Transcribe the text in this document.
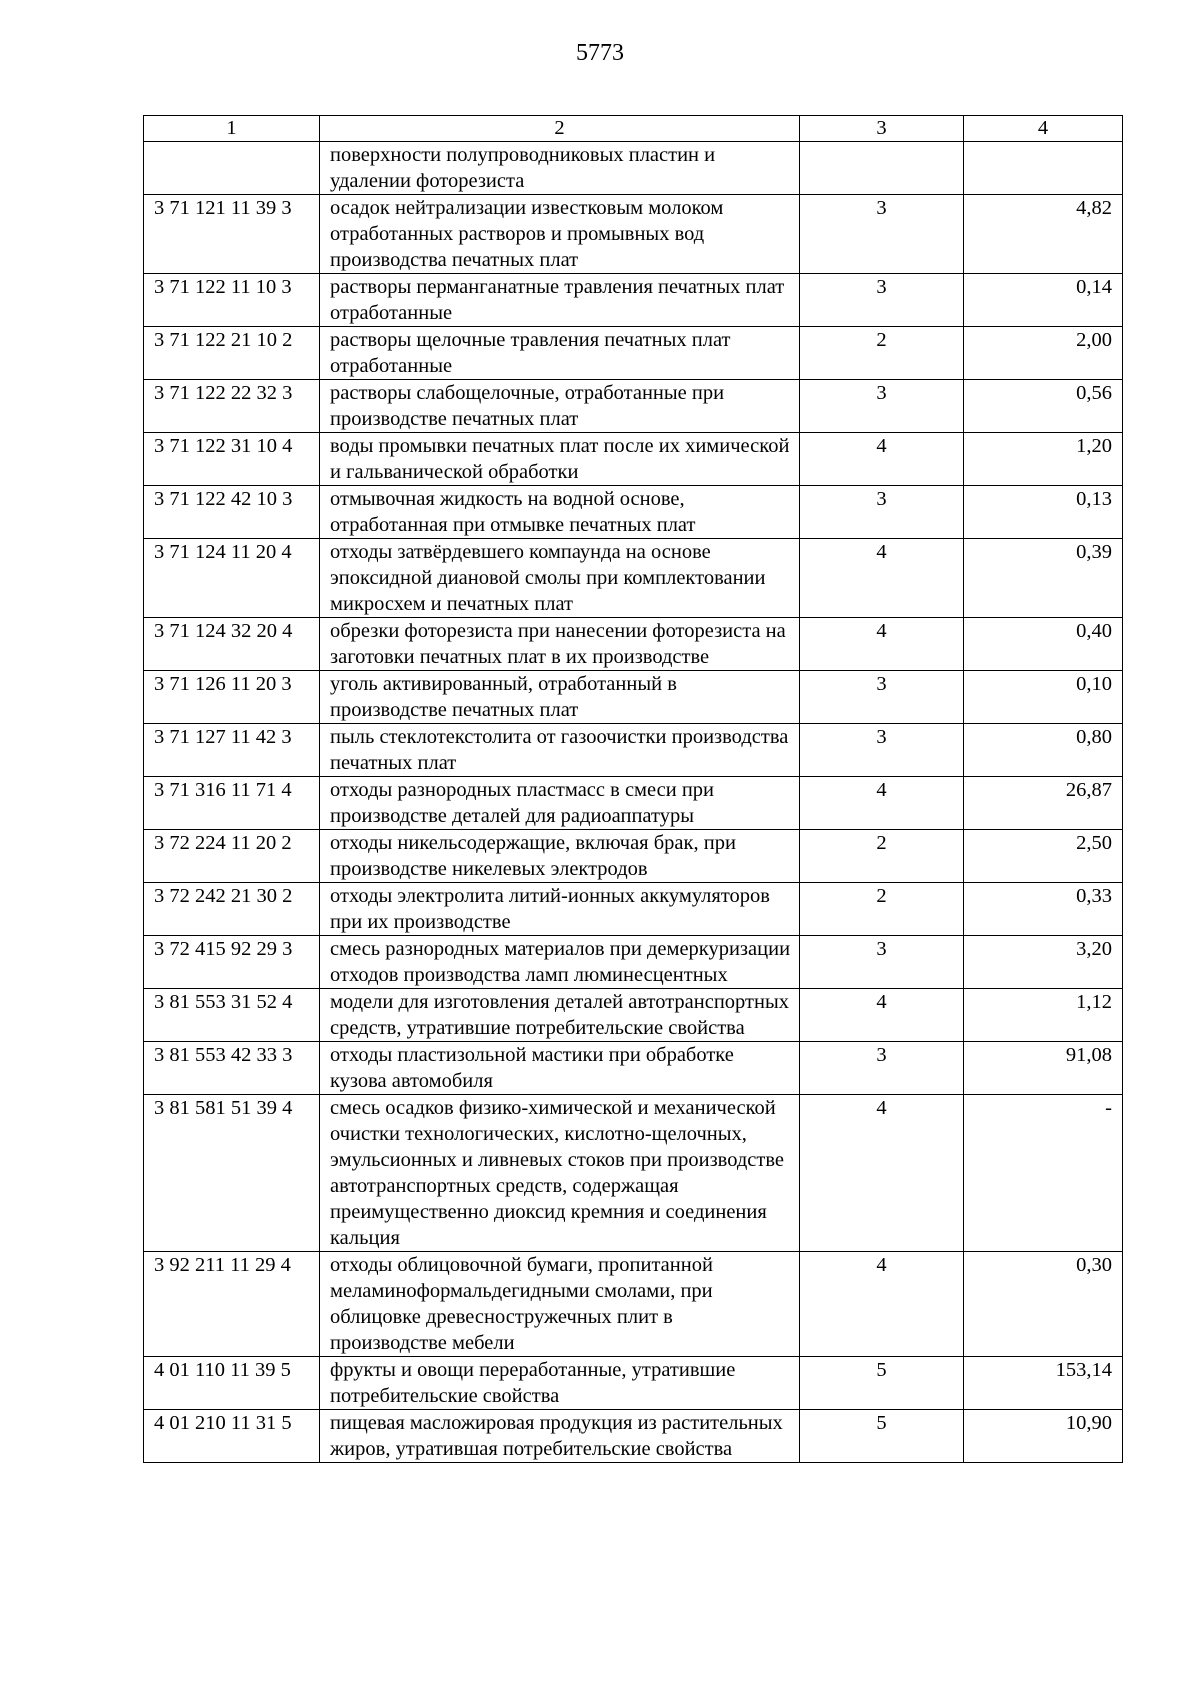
5773
1	2	3	4
	поверхности полупроводниковых пластин и удалении фоторезиста		
3 71 121 11 39 3	осадок нейтрализации известковым молоком отработанных растворов и промывных вод производства печатных плат	3	4,82
3 71 122 11 10 3	растворы перманганатные травления печатных плат отработанные	3	0,14
3 71 122 21 10 2	растворы щелочные травления печатных плат отработанные	2	2,00
3 71 122 22 32 3	растворы слабощелочные, отработанные при производстве печатных плат	3	0,56
3 71 122 31 10 4	воды промывки печатных плат после их химической и гальванической обработки	4	1,20
3 71 122 42 10 3	отмывочная жидкость на водной основе, отработанная при отмывке печатных плат	3	0,13
3 71 124 11 20 4	отходы затвёрдевшего компаунда на основе эпоксидной диановой смолы при комплектовании микросхем и печатных плат	4	0,39
3 71 124 32 20 4	обрезки фоторезиста при нанесении фоторезиста на заготовки печатных плат в их производстве	4	0,40
3 71 126 11 20 3	уголь активированный, отработанный в производстве печатных плат	3	0,10
3 71 127 11 42 3	пыль стеклотекстолита от газоочистки производства печатных плат	3	0,80
3 71 316 11 71 4	отходы разнородных пластмасс в смеси при производстве деталей для радиоаппатуры	4	26,87
3 72 224 11 20 2	отходы никельсодержащие, включая брак, при производстве никелевых электродов	2	2,50
3 72 242 21 30 2	отходы электролита литий-ионных аккумуляторов при их производстве	2	0,33
3 72 415 92 29 3	смесь разнородных материалов при демеркуризации отходов производства ламп люминесцентных	3	3,20
3 81 553 31 52 4	модели для изготовления деталей автотранспортных средств, утратившие потребительские свойства	4	1,12
3 81 553 42 33 3	отходы пластизольной мастики при обработке кузова автомобиля	3	91,08
3 81 581 51 39 4	смесь осадков физико-химической и механической очистки технологических, кислотно-щелочных, эмульсионных и ливневых стоков при производстве автотранспортных средств, содержащая преимущественно диоксид кремния и соединения кальция	4	-
3 92 211 11 29 4	отходы облицовочной бумаги, пропитанной меламиноформальдегидными смолами, при облицовке древесностружечных плит в производстве мебели	4	0,30
4 01 110 11 39 5	фрукты и овощи переработанные, утратившие потребительские свойства	5	153,14
4 01 210 11 31 5	пищевая масложировая продукция из растительных жиров, утратившая потребительские свойства	5	10,90
